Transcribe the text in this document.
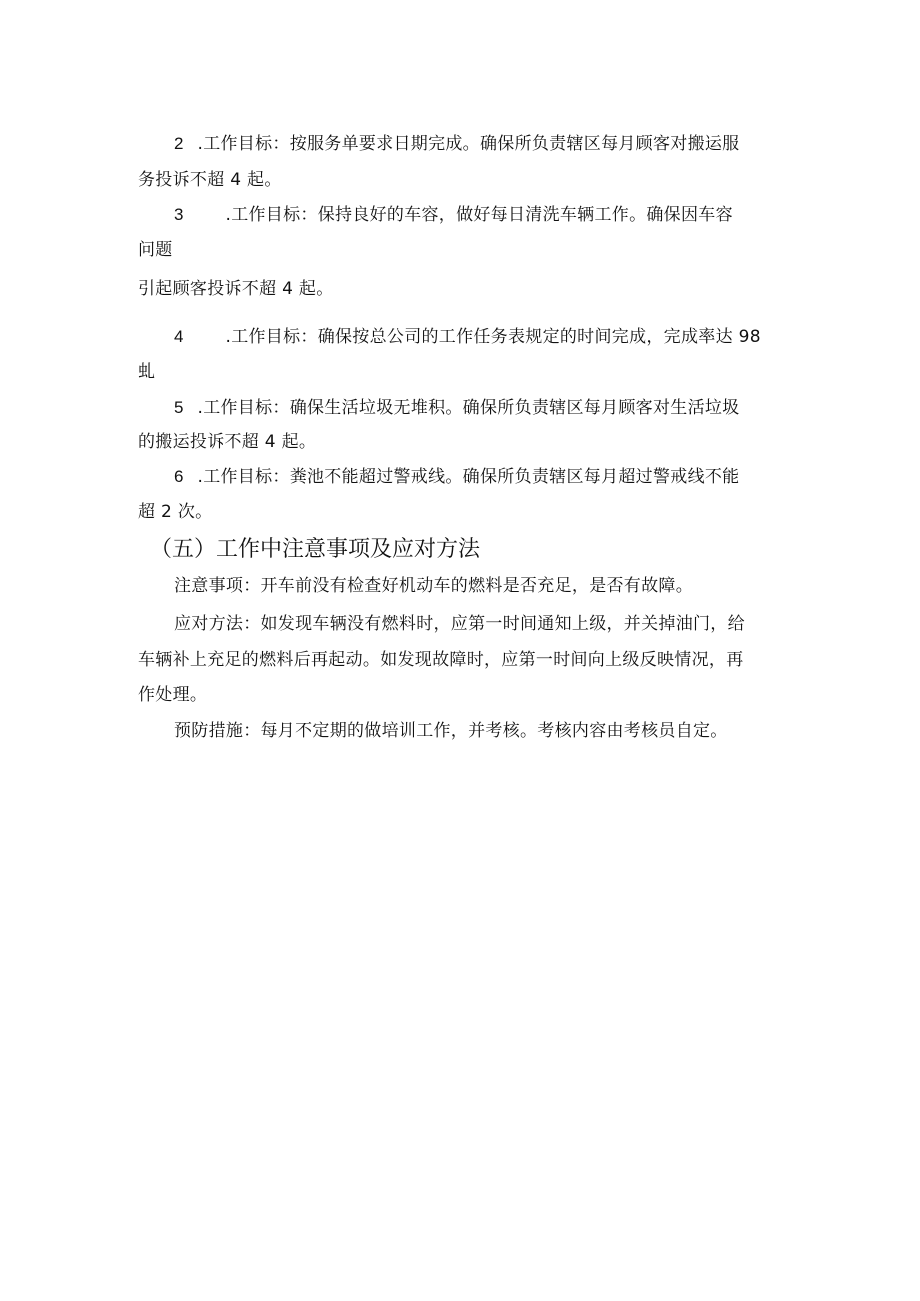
2 .工作目标：按服务单要求日期完成。确保所负责辖区每月顾客对搬运服
务投诉不超 4 起。
3 .工作目标：保持良好的车容，做好每日清洗车辆工作。确保因车容
问题
引起顾客投诉不超 4 起。
4 .工作目标：确保按总公司的工作任务表规定的时间完成，完成率达 98
虬
5 .工作目标：确保生活垃圾无堆积。确保所负责辖区每月顾客对生活垃圾
的搬运投诉不超 4 起。
6 .工作目标：粪池不能超过警戒线。确保所负责辖区每月超过警戒线不能
超 2 次。
（五）工作中注意事项及应对方法
注意事项：开车前没有检查好机动车的燃料是否充足，是否有故障。
应对方法：如发现车辆没有燃料时，应第一时间通知上级，并关掉油门，给
车辆补上充足的燃料后再起动。如发现故障时，应第一时间向上级反映情况，再
作处理。
预防措施：每月不定期的做培训工作，并考核。考核内容由考核员自定。
